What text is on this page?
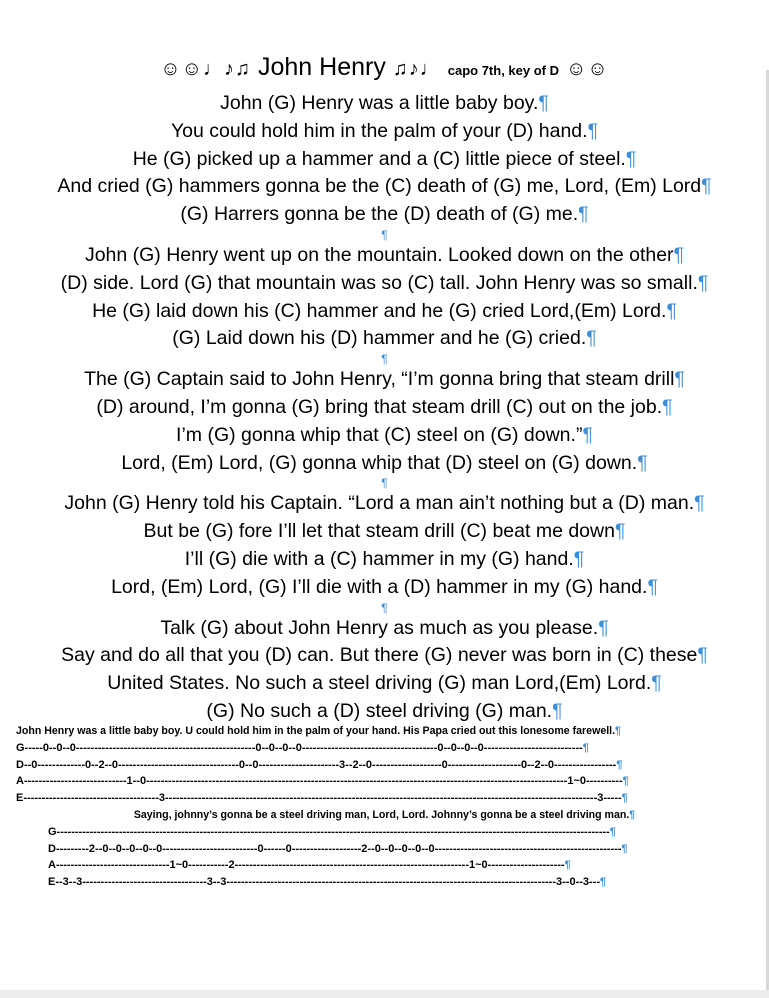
☺☺♩♪♫ John Henry ♫♪♩ capo 7th, key of D ☺☺
John (G) Henry was a little baby boy.¶
You could hold him in the palm of your (D) hand.¶
He (G) picked up a hammer and a (C) little piece of steel.¶
And cried (G) hammers gonna be the (C) death of (G) me, Lord, (Em) Lord¶
(G) Harrers gonna be the (D) death of (G) me.¶
¶
John (G) Henry went up on the mountain. Looked down on the other¶
(D) side. Lord (G) that mountain was so (C) tall. John Henry was so small.¶
He (G) laid down his (C) hammer and he (G) cried Lord,(Em) Lord.¶
(G) Laid down his (D) hammer and he (G) cried.¶
¶
The (G) Captain said to John Henry, “I’m gonna bring that steam drill¶
(D) around, I’m gonna (G) bring that steam drill (C) out on the job.¶
I’m (G) gonna whip that (C) steel on (G) down.”¶
Lord, (Em) Lord, (G) gonna whip that (D) steel on (G) down.¶
¶
John (G) Henry told his Captain. “Lord a man ain’t nothing but a (D) man.¶
But be (G) fore I’ll let that steam drill (C) beat me down¶
I’ll (G) die with a (C) hammer in my (G) hand.¶
Lord, (Em) Lord, (G) I’ll die with a (D) hammer in my (G) hand.¶
¶
Talk (G) about John Henry as much as you please.¶
Say and do all that you (D) can. But there (G) never was born in (C) these¶
United States. No such a steel driving (G) man Lord,(Em) Lord.¶
(G) No such a (D) steel driving (G) man.¶
John Henry was a little baby boy. U could hold him in the palm of your hand. His Papa cried out this lonesome farewell.¶
G-----0--0--0-------------------------------------------------0--0--0--0-------------------------------------0--0--0--0---------------------------¶
D--0-------------0--2--0---------------------------------0--0----------------------3--2--0-------------------0--------------------0--2--0-----------------¶
A----------------------------1--0-------------------------------------------------------------------------------------------------------------------1~0----------¶
E-------------------------------------3----------------------------------------------------------------------------------------------------------------------3-----¶
Saying, johnny’s gonna be a steel driving man, Lord, Lord. Johnny’s gonna be a steel driving man.¶
G-------------------------------------------------------------------------------------------------------------------------------------------------------¶
D---------2--0--0--0--0--0--------------------------0------0-------------------2--0--0--0--0--0---------------------------------------------------¶
A-------------------------------1~0-----------2----------------------------------------------------------------1~0---------------------¶
E--3--3----------------------------------3--3------------------------------------------------------------------------------------------3--0--3---¶
